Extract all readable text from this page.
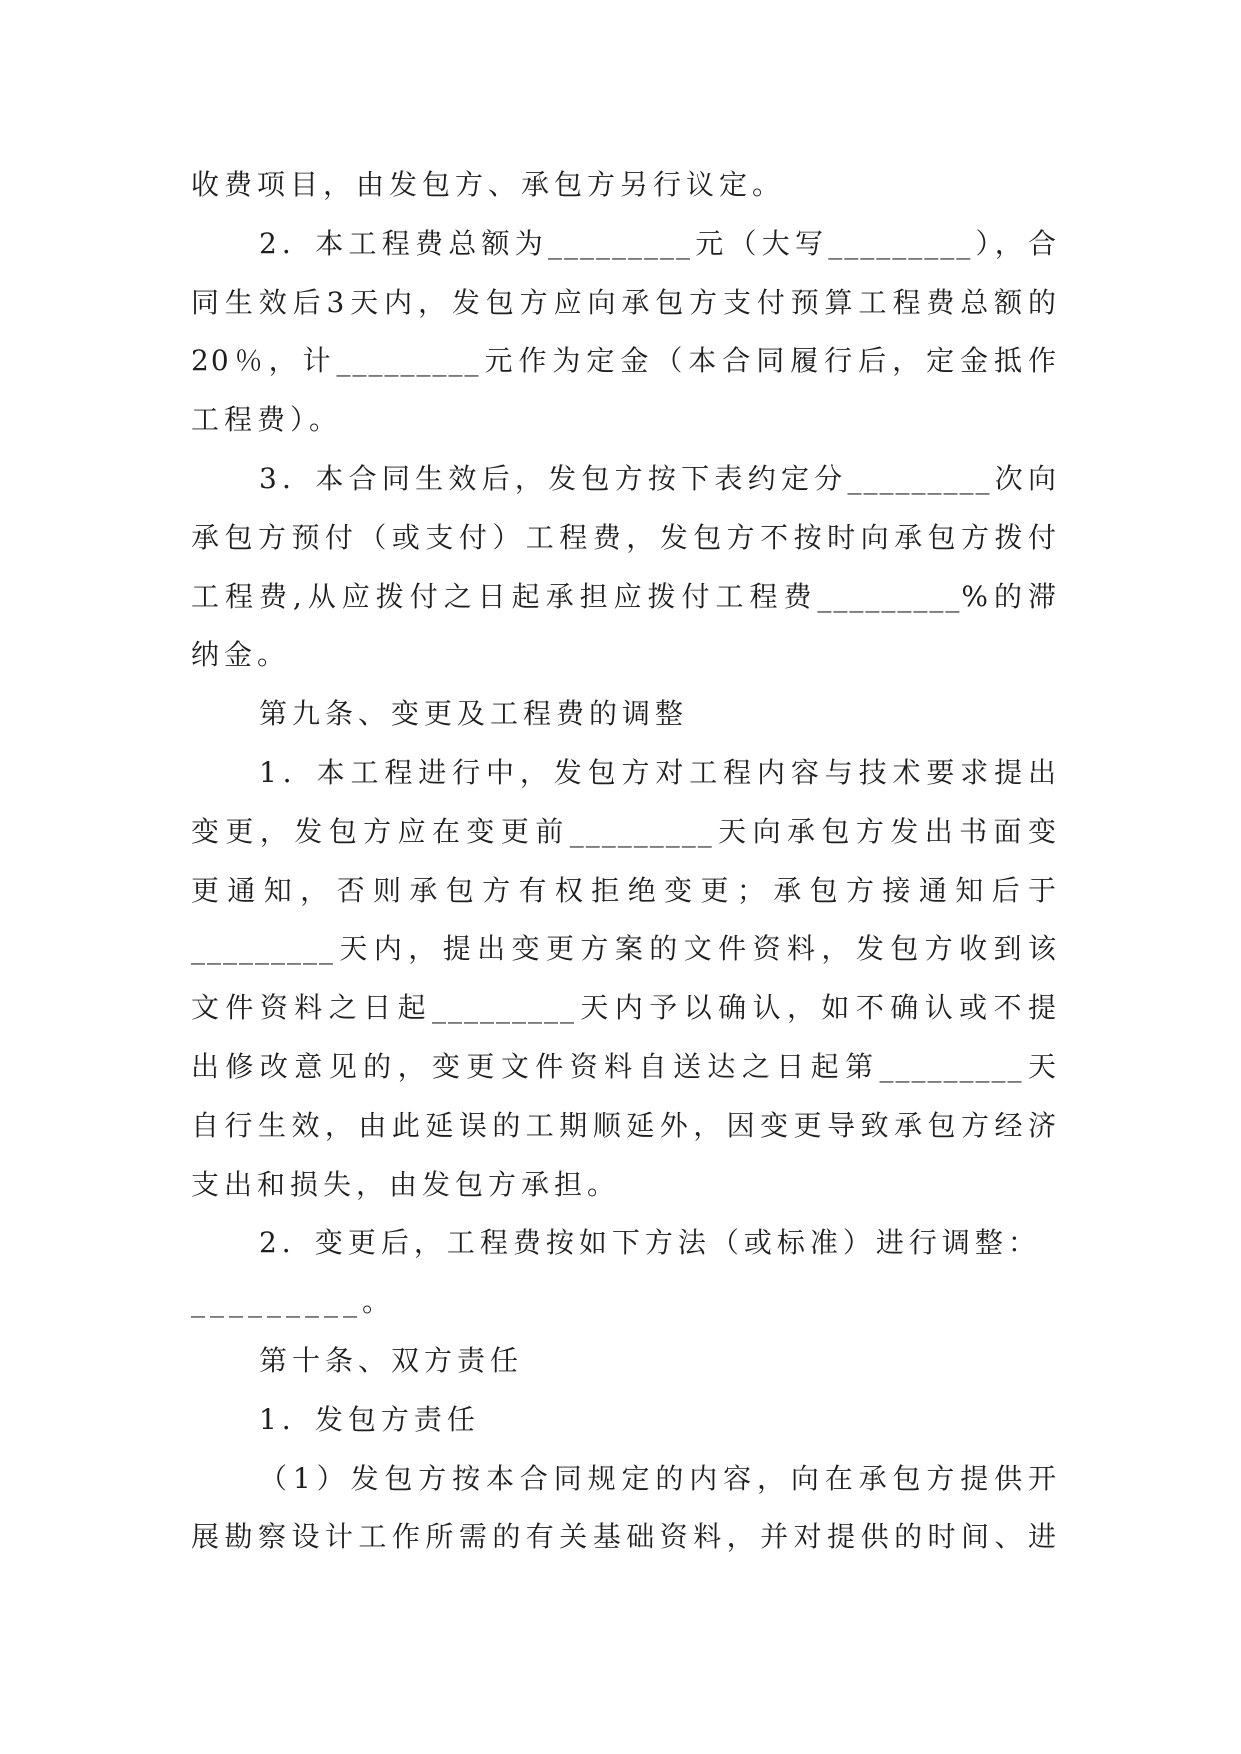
收费项目，由发包方、承包方另行议定。
2．本工程费总额为_________元（大写_________），合
同生效后3天内，发包方应向承包方支付预算工程费总额的
20％，计_________元作为定金（本合同履行后，定金抵作
工程费）。
3．本合同生效后，发包方按下表约定分_________次向
承包方预付（或支付）工程费，发包方不按时向承包方拨付
工程费,从应拨付之日起承担应拨付工程费_________%的滞
纳金。
第九条、变更及工程费的调整
1．本工程进行中，发包方对工程内容与技术要求提出
变更，发包方应在变更前_________天向承包方发出书面变
更通知，否则承包方有权拒绝变更；承包方接通知后于
_________天内，提出变更方案的文件资料，发包方收到该
文件资料之日起_________天内予以确认，如不确认或不提
出修改意见的，变更文件资料自送达之日起第_________天
自行生效，由此延误的工期顺延外，因变更导致承包方经济
支出和损失，由发包方承担。
2．变更后，工程费按如下方法（或标准）进行调整：
_________。
第十条、双方责任
1．发包方责任
（1）发包方按本合同规定的内容，向在承包方提供开
展勘察设计工作所需的有关基础资料，并对提供的时间、进
